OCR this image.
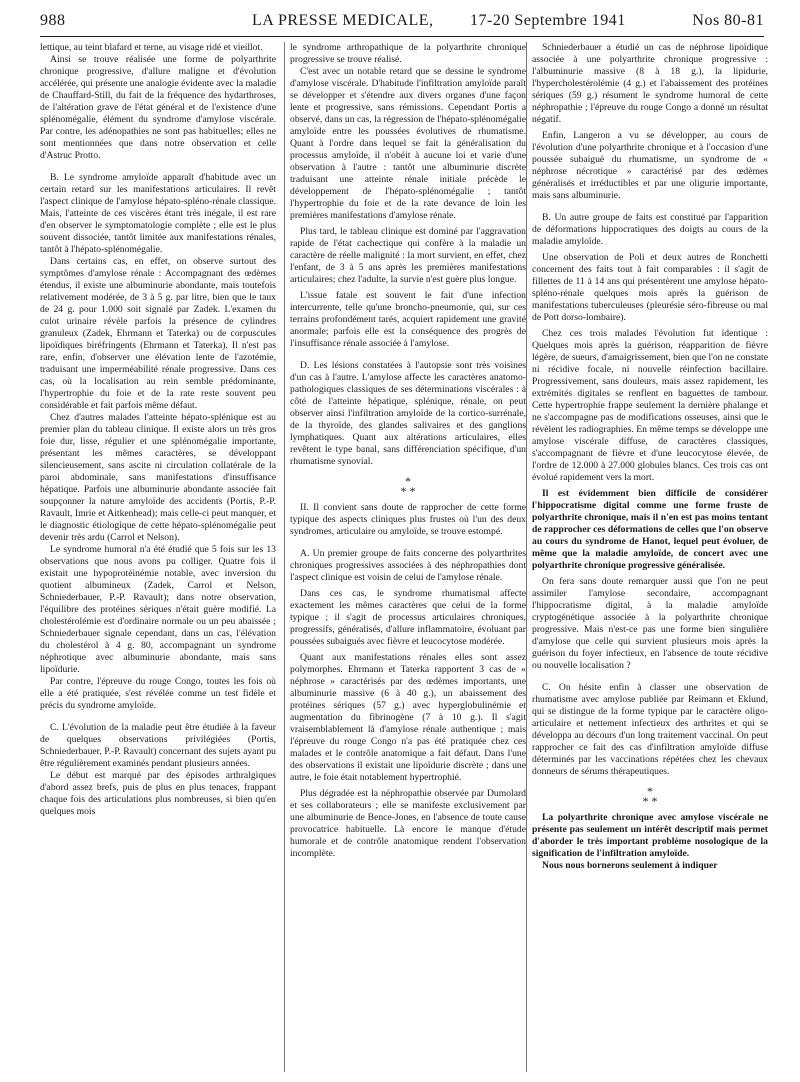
988	LA PRESSE MEDICALE, 17-20 Septembre 1941	Nos 80-81

lettique, au teint blafard et terne, au visage ridé et vieillot.

Ainsi se trouve réalisée une forme de polyarthrite chronique progressive, d'allure maligne et d'évolution accélérée, qui présente une analogie évidente avec la maladie de Chauffard-Still, du fait de la fréquence des hydarthroses, de l'altération grave de l'état général et de l'existence d'une splénomégalie, élément du syndrome d'amylose viscérale. Par contre, les adénopathies ne sont pas habituelles; elles ne sont mentionnées que dans notre observation et celle d'Astruc Protto.

B. Le syndrome amyloïde apparaît d'habitude avec un certain retard sur les manifestations articulaires. Il revêt l'aspect clinique de l'amylose hépato-spléno-rénale classique. Mais, l'atteinte de ces viscères étant très inégale, il est rare d'en observer le symptomatologie complète ; elle est le plus souvent dissociée, tantôt limitée aux manifestations rénales, tantôt à l'hépato-splénomégalie.

Dans certains cas, en effet, on observe surtout des symptômes d'amylose rénale : Accompagnant des œdèmes étendus, il existe une albuminurie abondante, mais toutefois relativement modérée, de 3 à 5 g. par litre, bien que le taux de 24 g. pour 1.000 soit signalé par Zadek. L'examen du culot urinaire révèle parfois la présence de cylindres granuleux (Zadek, Ehrmann et Taterka) ou de corpuscules lipoïdiques biréfringents (Ehrmann et Taterka). Il n'est pas rare, enfin, d'observer une élévation lente de l'azotémie, traduisant une imperméabilité rénale progressive. Dans ces cas, où la localisation au rein semble prédominante, l'hypertrophie du foie et de la rate reste souvent peu considérable et fait parfois même défaut.

Chez d'autres malades l'atteinte hépato-splénique est au premier plan du tableau clinique. Il existe alors un très gros foie dur, lisse, régulier et une splénomégalie importante, présentant les mêmes caractères, se développant silencieusement, sans ascite ni circulation collatérale de la paroi abdominale, sans manifestations d'insuffisance hépatique. Parfois une albuminurie abondante associée fait soupçonner la nature amyloïde des accidents (Portis, P.-P. Ravault, Imrie et Aitkenhead); mais celle-ci peut manquer, et le diagnostic étiologique de cette hépato-splénomégalie peut devenir très ardu (Carrol et Nelson).

Le syndrome humoral n'a été étudié que 5 fois sur les 13 observations que nous avons pu colliger. Quatre fois il existait une hypoprotéinémie notable, avec inversion du quotient albumineux (Zadek, Carrol et Nelson, Schniederbauer, P.-P. Ravault); dans notre observation, l'équilibre des protéines sériques n'était guère modifié. La cholestérolémie est d'ordinaire normale ou un peu abaissée ; Schniederbauer signale cependant, dans un cas, l'élévation du cholestérol à 4 g. 80, accompagnant un syndrome néphrotique avec albuminurie abondante, mais sans lipoïdurie.

Par contre, l'épreuve du rouge Congo, toutes les fois où elle a été pratiquée, s'est révélée comme un test fidèle et précis du syndrome amyloïde.

C. L'évolution de la maladie peut être étudiée à la faveur de quelques observations privilégiées (Portis, Schniederbauer, P.-P. Ravault) concernant des sujets ayant pu être régulièrement examinés pendant plusieurs années.

Le début est marqué par des épisodes arthralgiques d'abord assez brefs, puis de plus en plus tenaces, frappant chaque fois des articulations plus nombreuses, si bien qu'en quelques mois

le syndrome arthropathique de la polyarthrite chronique progressive se trouve réalisé.

C'est avec un notable retard que se dessine le syndrome d'amylose viscérale. D'habitude l'infiltration amyloïde paraît se développer et s'étendre aux divers organes d'une façon lente et progressive, sans rémissions. Cependant Portis a observé, dans un cas, la régression de l'hépato-splénomégalie amyloïde entre les poussées évolutives de rhumatisme. Quant à l'ordre dans lequel se fait la généralisation du processus amyloïde, il n'obéit à aucune loi et varie d'une observation à l'autre : tantôt une albuminurie discrète traduisant une atteinte rénale initiale précède le développement de l'hépato-splénomégalie ; tantôt l'hypertrophie du foie et de la rate devance de loin les premières manifestations d'amylose rénale.

Plus tard, le tableau clinique est dominé par l'aggravation rapide de l'état cachectique qui confère à la maladie un caractère de réelle malignité : la mort survient, en effet, chez l'enfant, de 3 à 5 ans après les premières manifestations articulaires; chez l'adulte, la survie n'est guère plus longue.

L'issue fatale est souvent le fait d'une infection intercurrente, telle qu'une broncho-pneumonie, qui, sur ces terrains profondément tarés, acquiert rapidement une gravité anormale; parfois elle est la conséquence des progrès de l'insuffisance rénale associée à l'amylose.

D. Les lésions constatées à l'autopsie sont très voisines d'un cas à l'autre. L'amylose affecte les caractères anatomo-pathologiques classiques de ses déterminations viscérales : à côté de l'atteinte hépatique, splénique, rénale, on peut observer ainsi l'infiltration amyloïde de la cortico-surrénale, de la thyroïde, des glandes salivaires et des ganglions lymphatiques. Quant aux altérations articulaires, elles revêtent le type banal, sans différenciation spécifique, d'un rhumatisme synovial.

*
* *

II. Il convient sans doute de rapprocher de cette forme typique des aspects cliniques plus frustes où l'un des deux syndromes, articulaire ou amyloïde, se trouve estompé.

A. Un premier groupe de faits concerne des polyarthrites chroniques progressives associées à des néphropathies dont l'aspect clinique est voisin de celui de l'amylose rénale.

Dans ces cas, le syndrome rhumatismal affecte exactement les mêmes caractères que celui de la forme typique ; il s'agit de processus articulaires chroniques, progressifs, généralisés, d'allure inflammatoire, évoluant par poussées subaiguës avec fièvre et leucocytose modérée.

Quant aux manifestations rénales elles sont assez polymorphes. Ehrmann et Taterka rapportent 3 cas de « néphrose » caractérisés par des œdèmes importants, une albuminurie massive (6 à 40 g.), un abaissement des protéines sériques (57 g.) avec hyperglobulinémie et augmentation du fibrinogène (7 à 10 g.). Il s'agit vraisemblablement là d'amylose rénale authentique ; mais l'épreuve du rouge Congo n'a pas été pratiquée chez ces malades et le contrôle anatomique a fait défaut. Dans l'une des observations il existait une lipoïdurie discrète ; dans une autre, le foie était notablement hypertrophié.

Plus dégradée est la néphropathie observée par Dumolard et ses collaborateurs ; elle se manifeste exclusivement par une albuminurie de Bence-Jones, en l'absence de toute cause provocatrice habituelle. Là encore le manque d'étude humorale et de contrôle anatomique rendent l'observation incomplète.

Schniederbauer a étudié un cas de néphrose lipoïdique associée à une polyarthrite chronique progressive : l'albuminurie massive (8 à 18 g.), la lipidurie, l'hypercholestérolémie (4 g.) et l'abaissement des protéines sériques (59 g.) résument le syndrome humoral de cette néphropathie ; l'épreuve du rouge Congo a donné un résultat négatif.

Enfin, Langeron a vu se développer, au cours de l'évolution d'une polyarthrite chronique et à l'occasion d'une poussée subaiguë du rhumatisme, un syndrome de « néphrose nécrotique » caractérisé par des œdèmes généralisés et irréductibles et par une oligurie importante, mais sans albuminurie.

B. Un autre groupe de faits est constitué par l'apparition de déformations hippocratiques des doigts au cours de la maladie amyloïde.

Une observation de Poli et deux autres de Ronchetti concernent des faits tout à fait comparables : il s'agit de fillettes de 11 à 14 ans qui présentèrent une amylose hépato-spléno-rénale quelques mois après la guérison de manifestations tuberculeuses (pleurésie séro-fibreuse ou mal de Pott dorso-lombaire).

Chez ces trois malades l'évolution fut identique : Quelques mois après la guérison, réapparition de fièvre légère, de sueurs, d'amaigrissement, bien que l'on ne constate ni récidive focale, ni nouvelle réinfection bacillaire. Progressivement, sans douleurs, mais assez rapidement, les extrémités digitales se renflent en baguettes de tambour. Cette hypertrophie frappe seulement la dernière phalange et ne s'accompagne pas de modifications osseuses, ainsi que le révèlent les radiographies. En même temps se développe une amylose viscérale diffuse, de caractères classiques, s'accompagnant de fièvre et d'une leucocytose élevée, de l'ordre de 12.000 à 27.000 globules blancs. Ces trois cas ont évolué rapidement vers la mort.

Il est évidemment bien difficile de considérer l'hippocratisme digital comme une forme fruste de polyarthrite chronique, mais il n'en est pas moins tentant de rapprocher ces déformations de celles que l'on observe au cours du syndrome de Hanot, lequel peut évoluer, de même que la maladie amyloïde, de concert avec une polyarthrite chronique progressive généralisée.

On fera sans doute remarquer aussi que l'on ne peut assimiler l'amylose secondaire, accompagnant l'hippocratisme digital, à la maladie amyloïde cryptogénétique associée à la polyarthrite chronique progressive. Mais n'est-ce pas une forme bien singulière d'amylose que celle qui survient plusieurs mois après la guérison du foyer infectieux, en l'absence de toute récidive ou nouvelle localisation ?

C. On hésite enfin à classer une observation de rhumatisme avec amylose publiée par Reimann et Eklund, qui se distingue de la forme typique par le caractère oligo-articulaire et nettement infectieux des arthrites et qui se développa au décours d'un long traitement vaccinal. On peut rapprocher ce fait des cas d'infiltration amyloïde diffuse déterminés par les vaccinations répétées chez les chevaux donneurs de sérums thérapeutiques.

*
* *

La polyarthrite chronique avec amylose viscérale ne présente pas seulement un intérêt descriptif mais permet d'aborder le très important problème nosologique de la signification de l'infiltration amyloïde.

Nous nous bornerons seulement à indiquer
